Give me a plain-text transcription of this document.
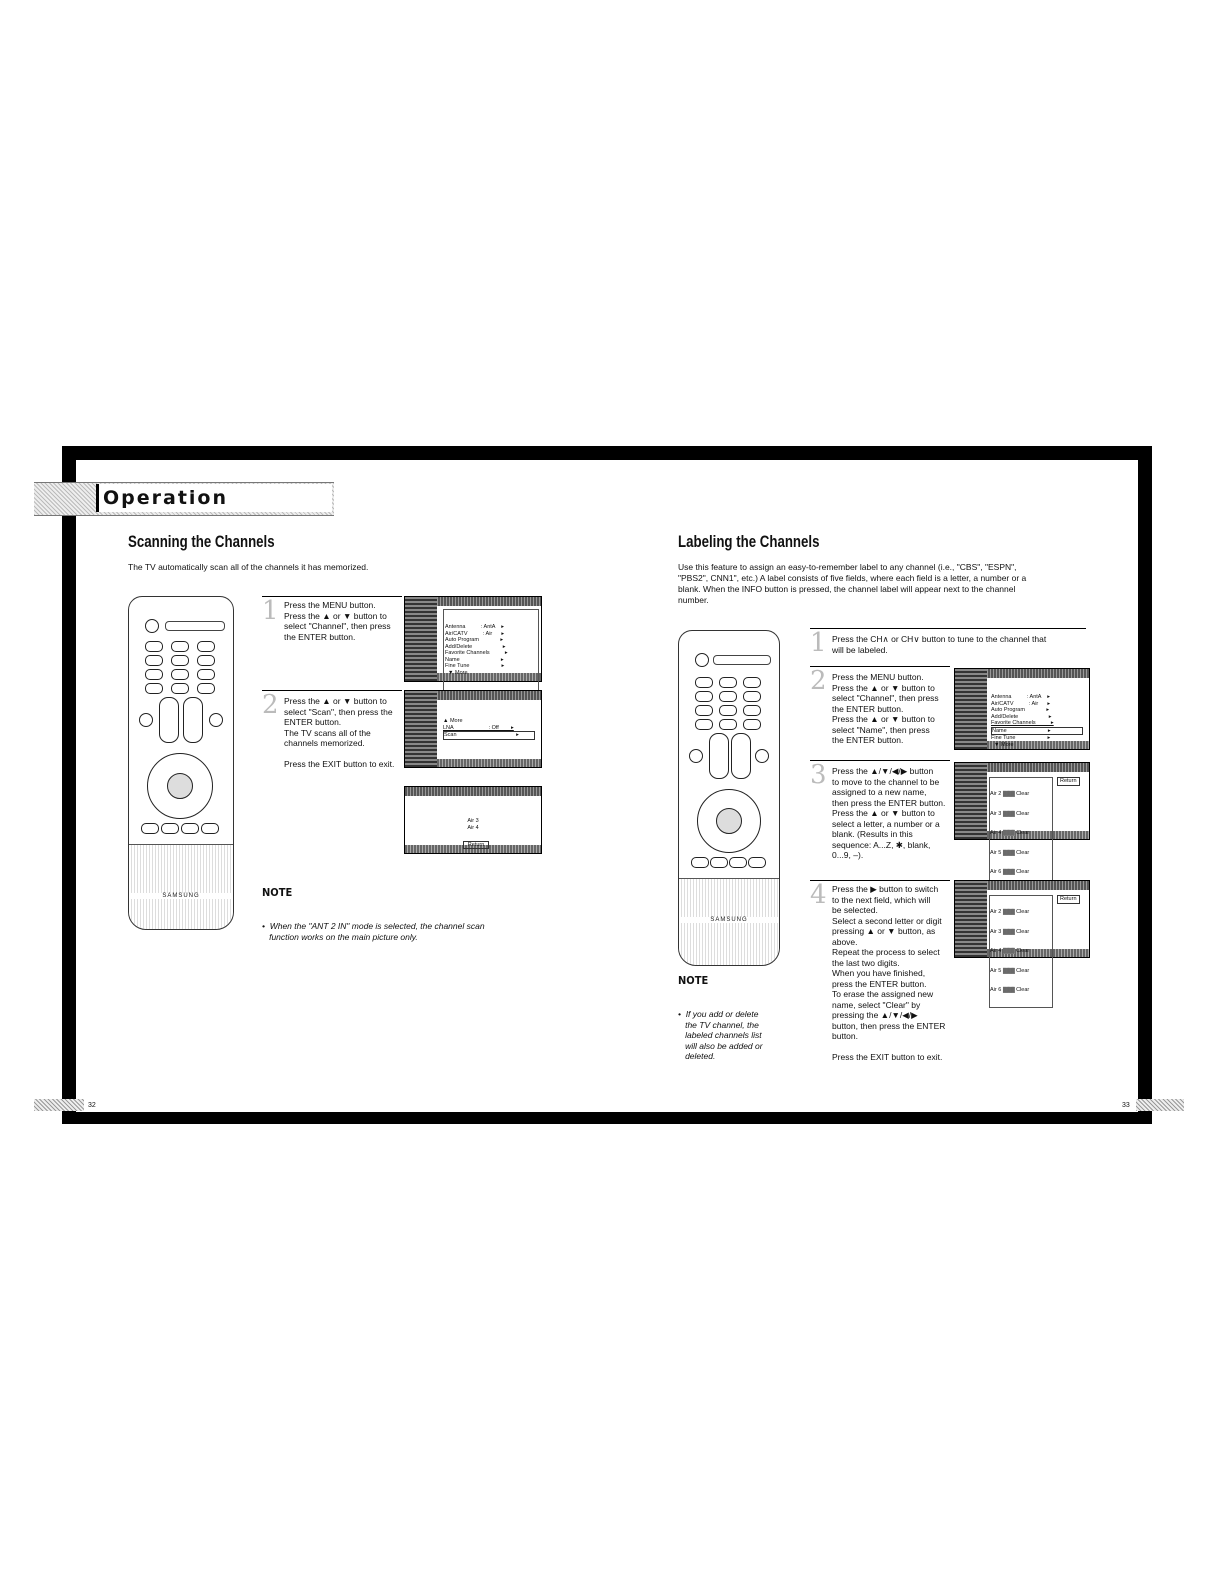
Operation
Scanning the Channels
The TV automatically scan all of the channels it has memorized.
SAMSUNG
1 Press the MENU button.
Press the ▲ or ▼ button to
select "Channel", then press
the ENTER button.

Antenna          : AntA    ▸
Air/CATV          : Air      ▸
Auto Program              ▸
Add/Delete                    ▸
Favorite Channels          ▸
Name                           ▸
Fine Tune                     ▸
▼ More

2 Press the ▲ or ▼ button to
select "Scan", then press the
ENTER button.
The TV scans all of the
channels memorized.
Press the EXIT button to exit.

▲ More
LNA                       : Off        ▸
Scan                                       ▸

Air 3
Air 4

Return

NOTE

•  When the "ANT 2 IN" mode is selected, the channel scan
function works on the main picture only.

32
Labeling the Channels
Use this feature to assign an easy-to-remember label to any channel (i.e., "CBS", "ESPN",
"PBS2", CNN1", etc.) A label consists of five fields, where each field is a letter, a number or a
blank. When the INFO button is pressed, the channel label will appear next to the channel
number.
SAMSUNG
NOTE

•  If you add or delete
the TV channel, the
labeled channels list
will also be added or
deleted.

1 Press the CH∧ or CH∨ button to tune to the channel that
will be labeled.
2 Press the MENU button.
Press the ▲ or ▼ button to
select "Channel", then press
the ENTER button.
Press the ▲ or ▼ button to
select "Name", then press
the ENTER button.

Antenna          : AntA    ▸
Air/CATV          : Air      ▸
Auto Program              ▸
Add/Delete                    ▸
Favorite Channels          ▸
Name                           ▸
Fine Tune                     ▸
▼ More

3 Press the ▲/▼/◀/▶ button
to move to the channel to be
assigned to a new name,
then press the ENTER button.
Press the ▲ or ▼ button to
select a letter, a number or a
blank. (Results in this
sequence: A...Z, ✱, blank,
0...9, –).

Air 2 ▒▒▒ Clear

Air 3 ▒▒▒ Clear

Air 4 ▒▒▒ Clear

Air 5 ▒▒▒ Clear

Air 6 ▒▒▒ Clear

Return
4 Press the ▶ button to switch
to the next field, which will
be selected.
Select a second letter or digit
pressing ▲ or ▼ button, as
above.
Repeat the process to select
the last two digits.
When you have finished,
press the ENTER button.
To erase the assigned new
name, select "Clear" by
pressing the ▲/▼/◀/▶
button, then press the ENTER
button.
Press the EXIT button to exit.

Air 2 ▒▒▒ Clear

Air 3 ▒▒▒ Clear

Air 4 ▒▒▒ Clear

Air 5 ▒▒▒ Clear

Air 6 ▒▒▒ Clear

Return
33
